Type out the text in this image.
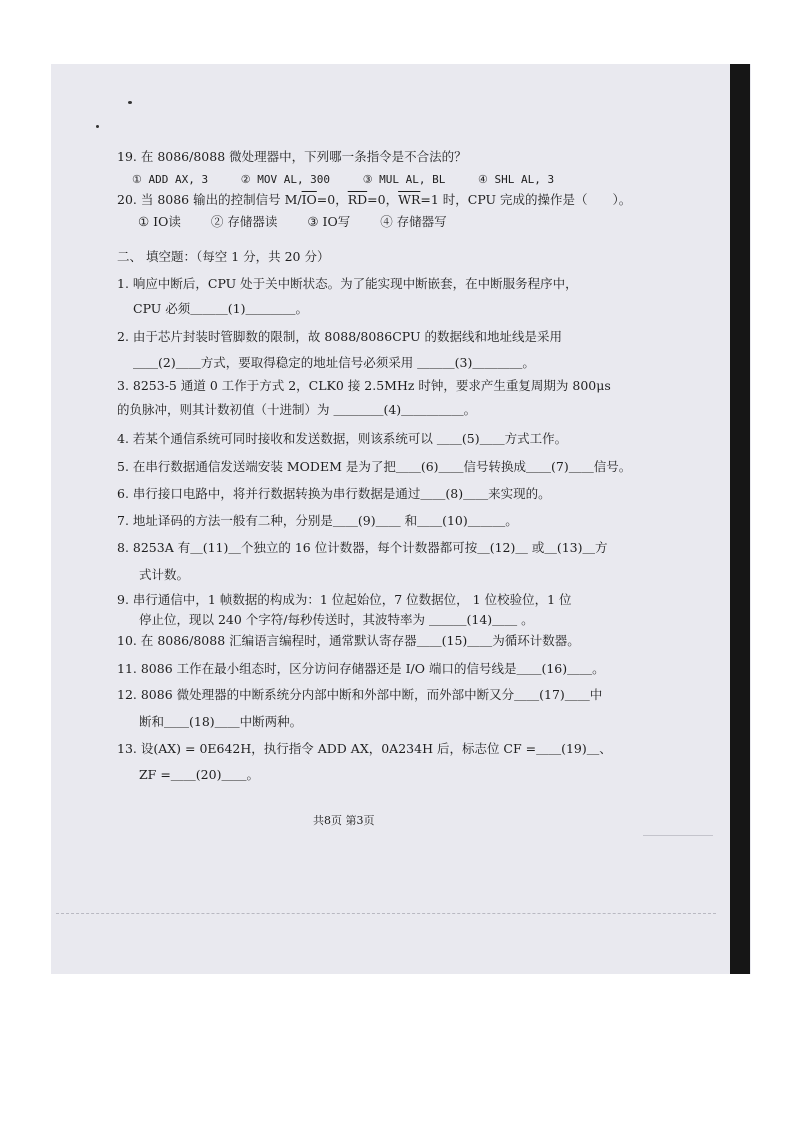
19. 在 8086/8088 微处理器中，下列哪一条指令是不合法的？
① ADD AX, 3	② MOV AL, 300	③ MUL AL, BL	④ SHL AL, 3
20. 当 8086 输出的控制信号 $M/\overline{IO}=0$，$\overline{RD}=0$，$\overline{WR}=1$ 时，CPU 完成的操作是（　　）。
① IO读 ② 存储器读 ③ IO写 ④ 存储器写
二、 填空题：（每空 1 分，共 20 分）
1. 响应中断后，CPU 处于关中断状态。为了能实现中断嵌套，在中断服务程序中，
CPU 必须＿＿＿(1)＿＿＿＿。
2. 由于芯片封装时管脚数的限制，故 8088/8086CPU 的数据线和地址线是采用
＿＿(2)＿＿方式，要取得稳定的地址信号必须采用 ＿＿＿(3)＿＿＿＿。
3. 8253-5 通道 0 工作于方式 2，CLK0 接 2.5MHz 时钟，要求产生重复周期为 800μs
的负脉冲，则其计数初值（十进制）为 ＿＿＿＿(4)＿＿＿＿＿。
4. 若某个通信系统可同时接收和发送数据，则该系统可以 ＿＿(5)＿＿方式工作。
5. 在串行数据通信发送端安装 MODEM 是为了把＿＿(6)＿＿信号转换成＿＿(7)＿＿信号。
6. 串行接口电路中，将并行数据转换为串行数据是通过＿＿(8)＿＿来实现的。
7. 地址译码的方法一般有二种，分别是＿＿(9)＿＿ 和＿＿(10)＿＿＿。
8. 8253A 有＿(11)＿个独立的 16 位计数器，每个计数器都可按＿(12)＿ 或＿(13)＿方
式计数。
9. 串行通信中，1 帧数据的构成为：1 位起始位，7 位数据位， 1 位校验位，1 位
停止位，现以 240 个字符/每秒传送时，其波特率为 ＿＿＿(14)＿＿ 。
10. 在 8086/8088 汇编语言编程时，通常默认寄存器＿＿(15)＿＿为循环计数器。
11. 8086 工作在最小组态时，区分访问存储器还是 I/O 端口的信号线是＿＿(16)＿＿。
12. 8086 微处理器的中断系统分内部中断和外部中断，而外部中断又分＿＿(17)＿＿中
断和＿＿(18)＿＿中断两种。
13. 设(AX) = 0E642H，执行指令 ADD AX，0A234H 后，标志位 CF =＿＿(19)＿、
ZF =＿＿(20)＿＿。
共8页 第3页
